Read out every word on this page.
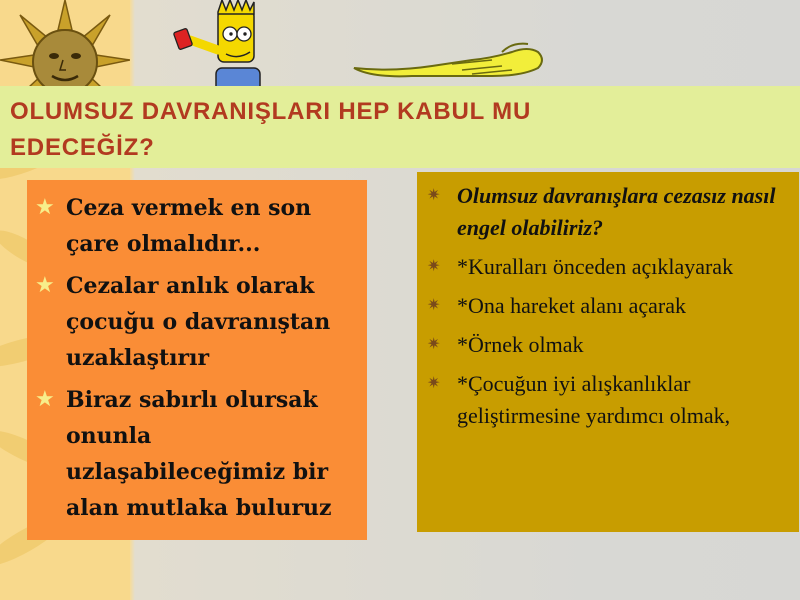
OLUMSUZ DAVRANIŞLARI HEP KABUL MU
EDECEĞİZ?
★ Ceza vermek en son çare olmalıdır...
★ Cezalar anlık olarak çocuğu o davranıştan uzaklaştırır
★ Biraz sabırlı olursak onunla uzlaşabileceğimiz bir alan mutlaka buluruz
✷ Olumsuz davranışlara cezasız nasıl engel olabiliriz?
✷ *Kuralları önceden açıklayarak
✷ *Ona hareket alanı açarak
✷ *Örnek olmak
✷ *Çocuğun iyi alışkanlıklar geliştirmesine yardımcı olmak,
